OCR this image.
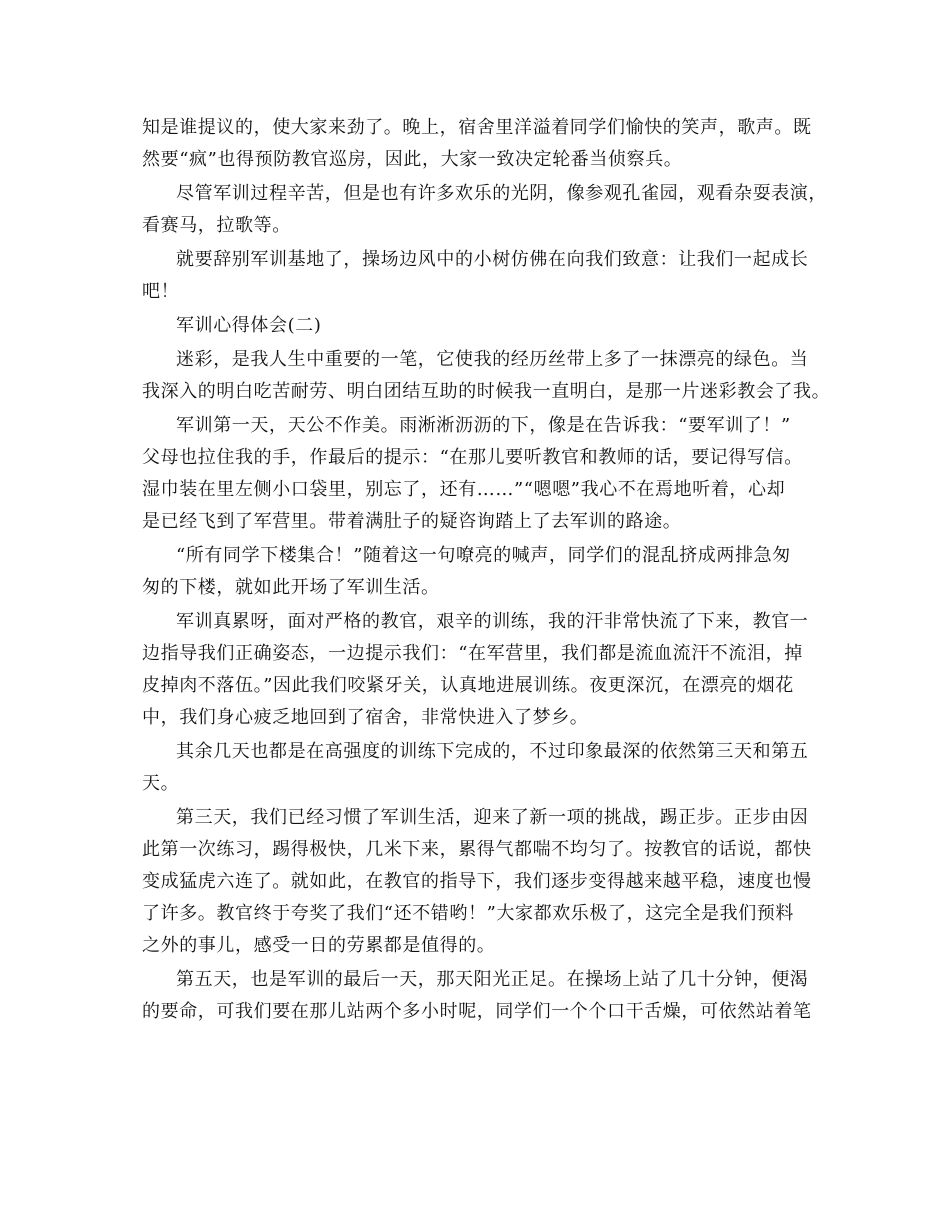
知是谁提议的，使大家来劲了。晚上，宿舍里洋溢着同学们愉快的笑声，歌声。既
然要“疯”也得预防教官巡房，因此，大家一致决定轮番当侦察兵。
尽管军训过程辛苦，但是也有许多欢乐的光阴，像参观孔雀园，观看杂耍表演，
看赛马，拉歌等。
就要辞别军训基地了，操场边风中的小树仿佛在向我们致意：让我们一起成长
吧！
军训心得体会(二)
迷彩，是我人生中重要的一笔，它使我的经历丝带上多了一抹漂亮的绿色。当
我深入的明白吃苦耐劳、明白团结互助的时候我一直明白，是那一片迷彩教会了我。
军训第一天，天公不作美。雨淅淅沥沥的下，像是在告诉我：“要军训了！”
父母也拉住我的手，作最后的提示：“在那儿要听教官和教师的话，要记得写信。
湿巾装在里左侧小口袋里，别忘了，还有……”“嗯嗯”我心不在焉地听着，心却
是已经飞到了军营里。带着满肚子的疑咨询踏上了去军训的路途。
“所有同学下楼集合！”随着这一句嘹亮的喊声，同学们的混乱挤成两排急匆
匆的下楼，就如此开场了军训生活。
军训真累呀，面对严格的教官，艰辛的训练，我的汗非常快流了下来，教官一
边指导我们正确姿态，一边提示我们：“在军营里，我们都是流血流汗不流泪，掉
皮掉肉不落伍。”因此我们咬紧牙关，认真地进展训练。夜更深沉，在漂亮的烟花
中，我们身心疲乏地回到了宿舍，非常快进入了梦乡。
其余几天也都是在高强度的训练下完成的，不过印象最深的依然第三天和第五
天。
第三天，我们已经习惯了军训生活，迎来了新一项的挑战，踢正步。正步由因
此第一次练习，踢得极快，几米下来，累得气都喘不均匀了。按教官的话说，都快
变成猛虎六连了。就如此，在教官的指导下，我们逐步变得越来越平稳，速度也慢
了许多。教官终于夸奖了我们“还不错哟！”大家都欢乐极了，这完全是我们预料
之外的事儿，感受一日的劳累都是值得的。
第五天，也是军训的最后一天，那天阳光正足。在操场上站了几十分钟，便渴
的要命，可我们要在那儿站两个多小时呢，同学们一个个口干舌燥，可依然站着笔
